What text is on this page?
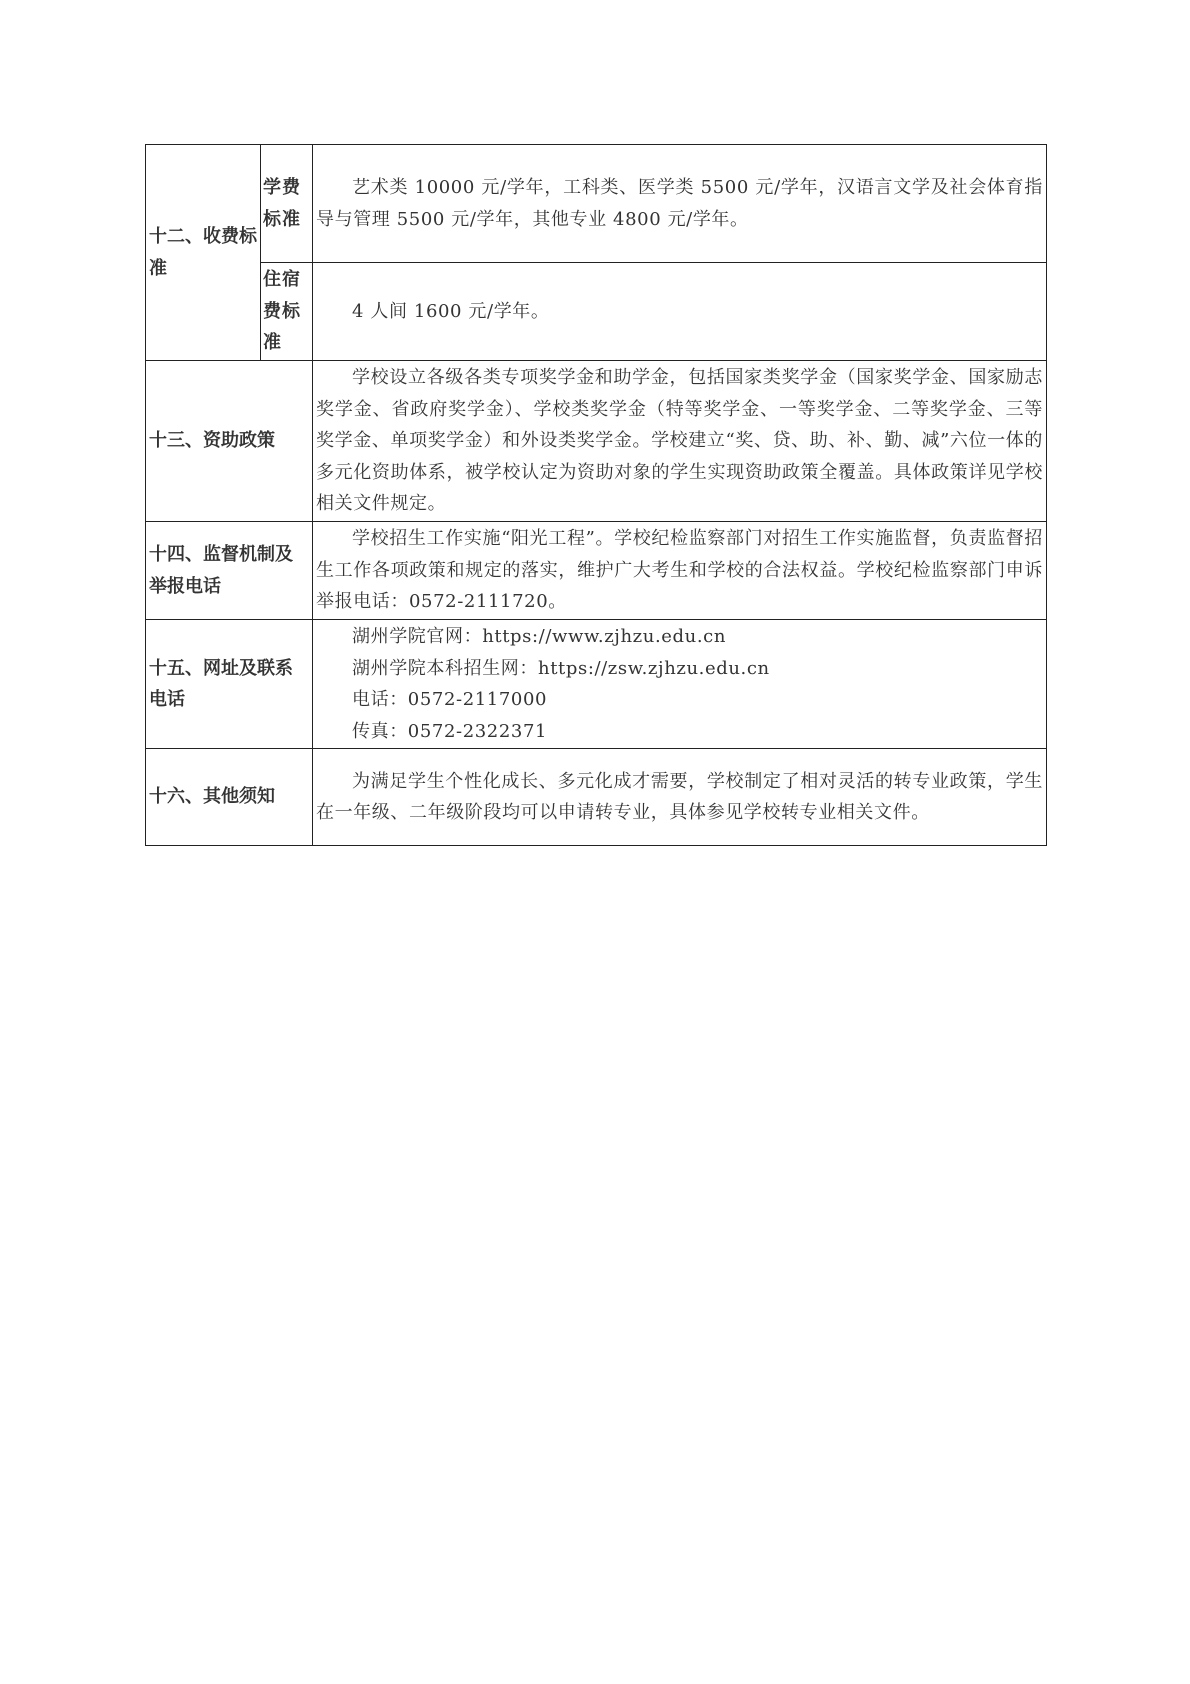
十二、收费标准	学费标准	艺术类 10000 元/学年，工科类、医学类 5500 元/学年，汉语言文学及社会体育指导与管理 5500 元/学年，其他专业 4800 元/学年。

	住宿费标准	4 人间 1600 元/学年。

十三、资助政策		学校设立各级各类专项奖学金和助学金，包括国家类奖学金（国家奖学金、国家励志奖学金、省政府奖学金）、学校类奖学金（特等奖学金、一等奖学金、二等奖学金、三等奖学金、单项奖学金）和外设类奖学金。学校建立“奖、贷、助、补、勤、减”六位一体的多元化资助体系，被学校认定为资助对象的学生实现资助政策全覆盖。具体政策详见学校相关文件规定。

十四、监督机制及举报电话		学校招生工作实施“阳光工程”。学校纪检监察部门对招生工作实施监督，负责监督招生工作各项政策和规定的落实，维护广大考生和学校的合法权益。学校纪检监察部门申诉举报电话：0572-2111720。

十五、网址及联系电话		湖州学院官网：https://www.zjhzu.edu.cn

湖州学院本科招生网：https://zsw.zjhzu.edu.cn

电话：0572-2117000

传真：0572-2322371

十六、其他须知		为满足学生个性化成长、多元化成才需要，学校制定了相对灵活的转专业政策，学生在一年级、二年级阶段均可以申请转专业，具体参见学校转专业相关文件。
